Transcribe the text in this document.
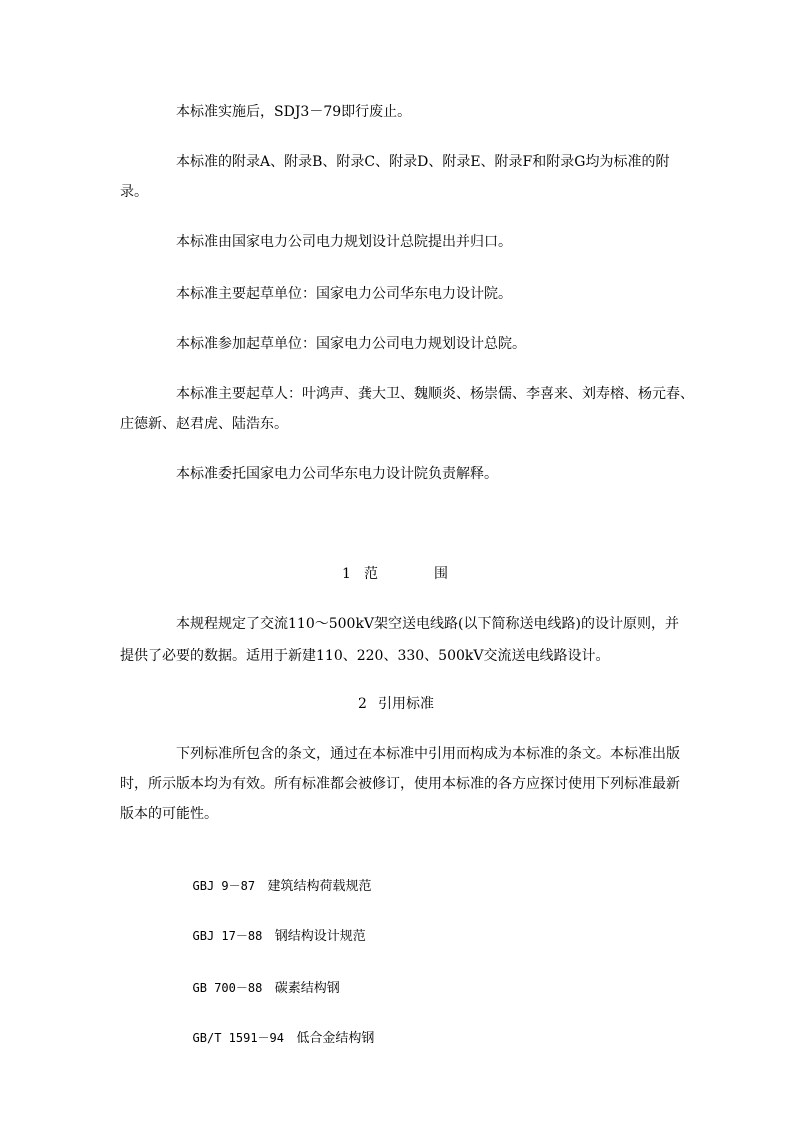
本标准实施后，SDJ3－79即行废止。
本标准的附录A、附录B、附录C、附录D、附录E、附录F和附录G均为标准的附
录。
本标准由国家电力公司电力规划设计总院提出并归口。
本标准主要起草单位：国家电力公司华东电力设计院。
本标准参加起草单位：国家电力公司电力规划设计总院。
本标准主要起草人：叶鸿声、龚大卫、魏顺炎、杨崇儒、李喜来、刘寿榕、杨元春、
庄德新、赵君虎、陆浩东。
本标准委托国家电力公司华东电力设计院负责解释。
1 范	围
本规程规定了交流110～500kV架空送电线路(以下简称送电线路)的设计原则，并
提供了必要的数据。适用于新建110、220、330、500kV交流送电线路设计。
2 引用标准
下列标准所包含的条文，通过在本标准中引用而构成为本标准的条文。本标准出版
时，所示版本均为有效。所有标准都会被修订，使用本标准的各方应探讨使用下列标准最新
版本的可能性。

GBJ 9－87 建筑结构荷载规范

GBJ 17－88 钢结构设计规范

GB 700－88 碳素结构钢

GB/T 1591－94 低合金结构钢
